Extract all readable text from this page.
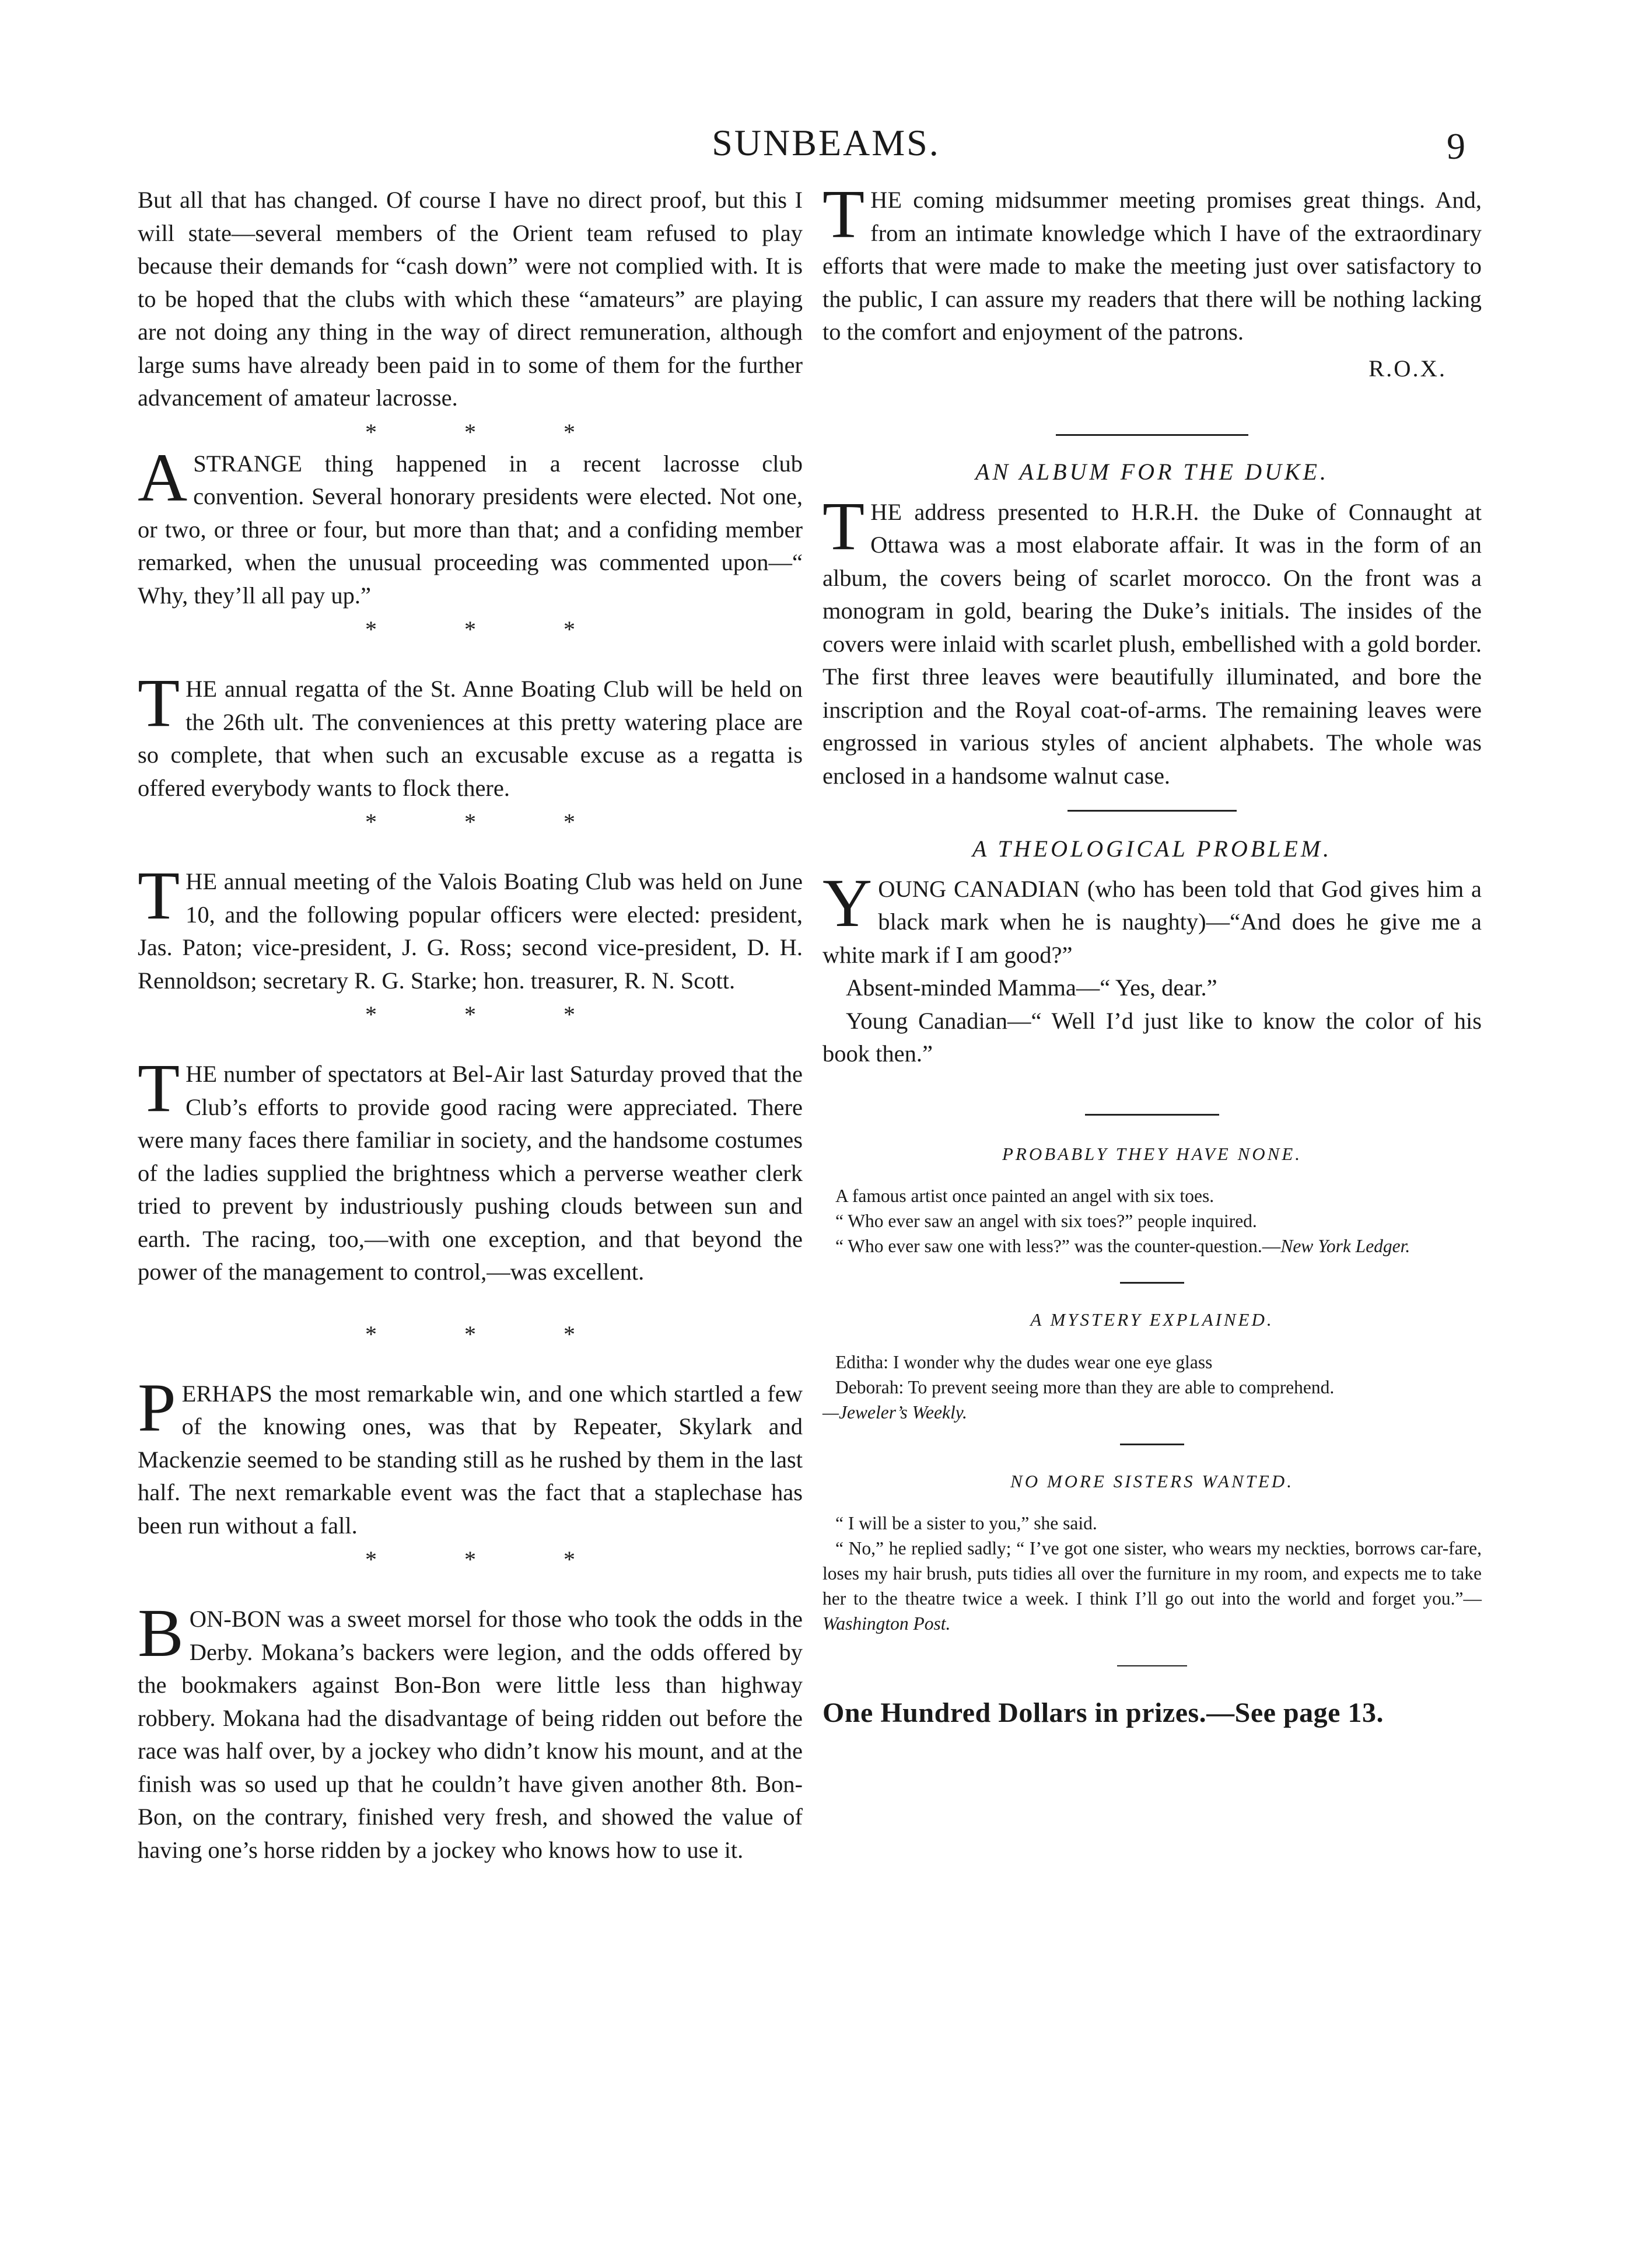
SUNBEAMS.	9

But all that has changed. Of course I have no direct proof, but this I will state—several members of the Orient team refused to play because their demands for “cash down” were not complied with. It is to be hoped that the clubs with which these “amateurs” are playing are not doing any thing in the way of direct remuneration, although large sums have already been paid in to some of them for the further advancement of amateur lacrosse.

* * *

A STRANGE thing happened in a recent lacrosse club convention. Several honorary presidents were elected. Not one, or two, or three or four, but more than that; and a confiding member remarked, when the unusual proceeding was commented upon—“ Why, they’ll all pay up.”

* * *

THE annual regatta of the St. Anne Boating Club will be held on the 26th ult. The conveniences at this pretty watering place are so complete, that when such an excusable excuse as a regatta is offered everybody wants to flock there.

* * *

THE annual meeting of the Valois Boating Club was held on June 10, and the following popular officers were elected: president, Jas. Paton; vice-president, J. G. Ross; second vice-president, D. H. Rennoldson; secretary R. G. Starke; hon. treasurer, R. N. Scott.

* * *

THE number of spectators at Bel-Air last Saturday proved that the Club’s efforts to provide good racing were appreciated. There were many faces there familiar in society, and the handsome costumes of the ladies supplied the brightness which a perverse weather clerk tried to prevent by industriously pushing clouds between sun and earth. The racing, too,—with one exception, and that beyond the power of the management to control,—was excellent.

* * *

PERHAPS the most remarkable win, and one which startled a few of the knowing ones, was that by Repeater, Skylark and Mackenzie seemed to be standing still as he rushed by them in the last half. The next remarkable event was the fact that a staplechase has been run without a fall.

* * *

BON-BON was a sweet morsel for those who took the odds in the Derby. Mokana’s backers were legion, and the odds offered by the bookmakers against Bon-Bon were little less than highway robbery. Mokana had the disadvantage of being ridden out before the race was half over, by a jockey who didn’t know his mount, and at the finish was so used up that he couldn’t have given another 8th. Bon-Bon, on the contrary, finished very fresh, and showed the value of having one’s horse ridden by a jockey who knows how to use it.

THE coming midsummer meeting promises great things. And, from an intimate knowledge which I have of the extraordinary efforts that were made to make the meeting just over satisfactory to the public, I can assure my readers that there will be nothing lacking to the comfort and enjoyment of the patrons.

R.O.X.

AN ALBUM FOR THE DUKE.

THE address presented to H.R.H. the Duke of Connaught at Ottawa was a most elaborate affair. It was in the form of an album, the covers being of scarlet morocco. On the front was a monogram in gold, bearing the Duke’s initials. The insides of the covers were inlaid with scarlet plush, embellished with a gold border. The first three leaves were beautifully illuminated, and bore the inscription and the Royal coat-of-arms. The remaining leaves were engrossed in various styles of ancient alphabets. The whole was enclosed in a handsome walnut case.

A THEOLOGICAL PROBLEM.

YOUNG CANADIAN (who has been told that God gives him a black mark when he is naughty)—“And does he give me a white mark if I am good?”

Absent-minded Mamma—“ Yes, dear.”

Young Canadian—“ Well I’d just like to know the color of his book then.”

PROBABLY THEY HAVE NONE.

A famous artist once painted an angel with six toes.

“ Who ever saw an angel with six toes?” people inquired.

“ Who ever saw one with less?” was the counter-question.—New York Ledger.

A MYSTERY EXPLAINED.

Editha: I wonder why the dudes wear one eye glass

Deborah: To prevent seeing more than they are able to comprehend.

—Jeweler’s Weekly.

NO MORE SISTERS WANTED.

“ I will be a sister to you,” she said.

“ No,” he replied sadly; “ I’ve got one sister, who wears my neckties, borrows car-fare, loses my hair brush, puts tidies all over the furniture in my room, and expects me to take her to the theatre twice a week. I think I’ll go out into the world and forget you.”—Washington Post.

One Hundred Dollars in prizes.—See page 13.
